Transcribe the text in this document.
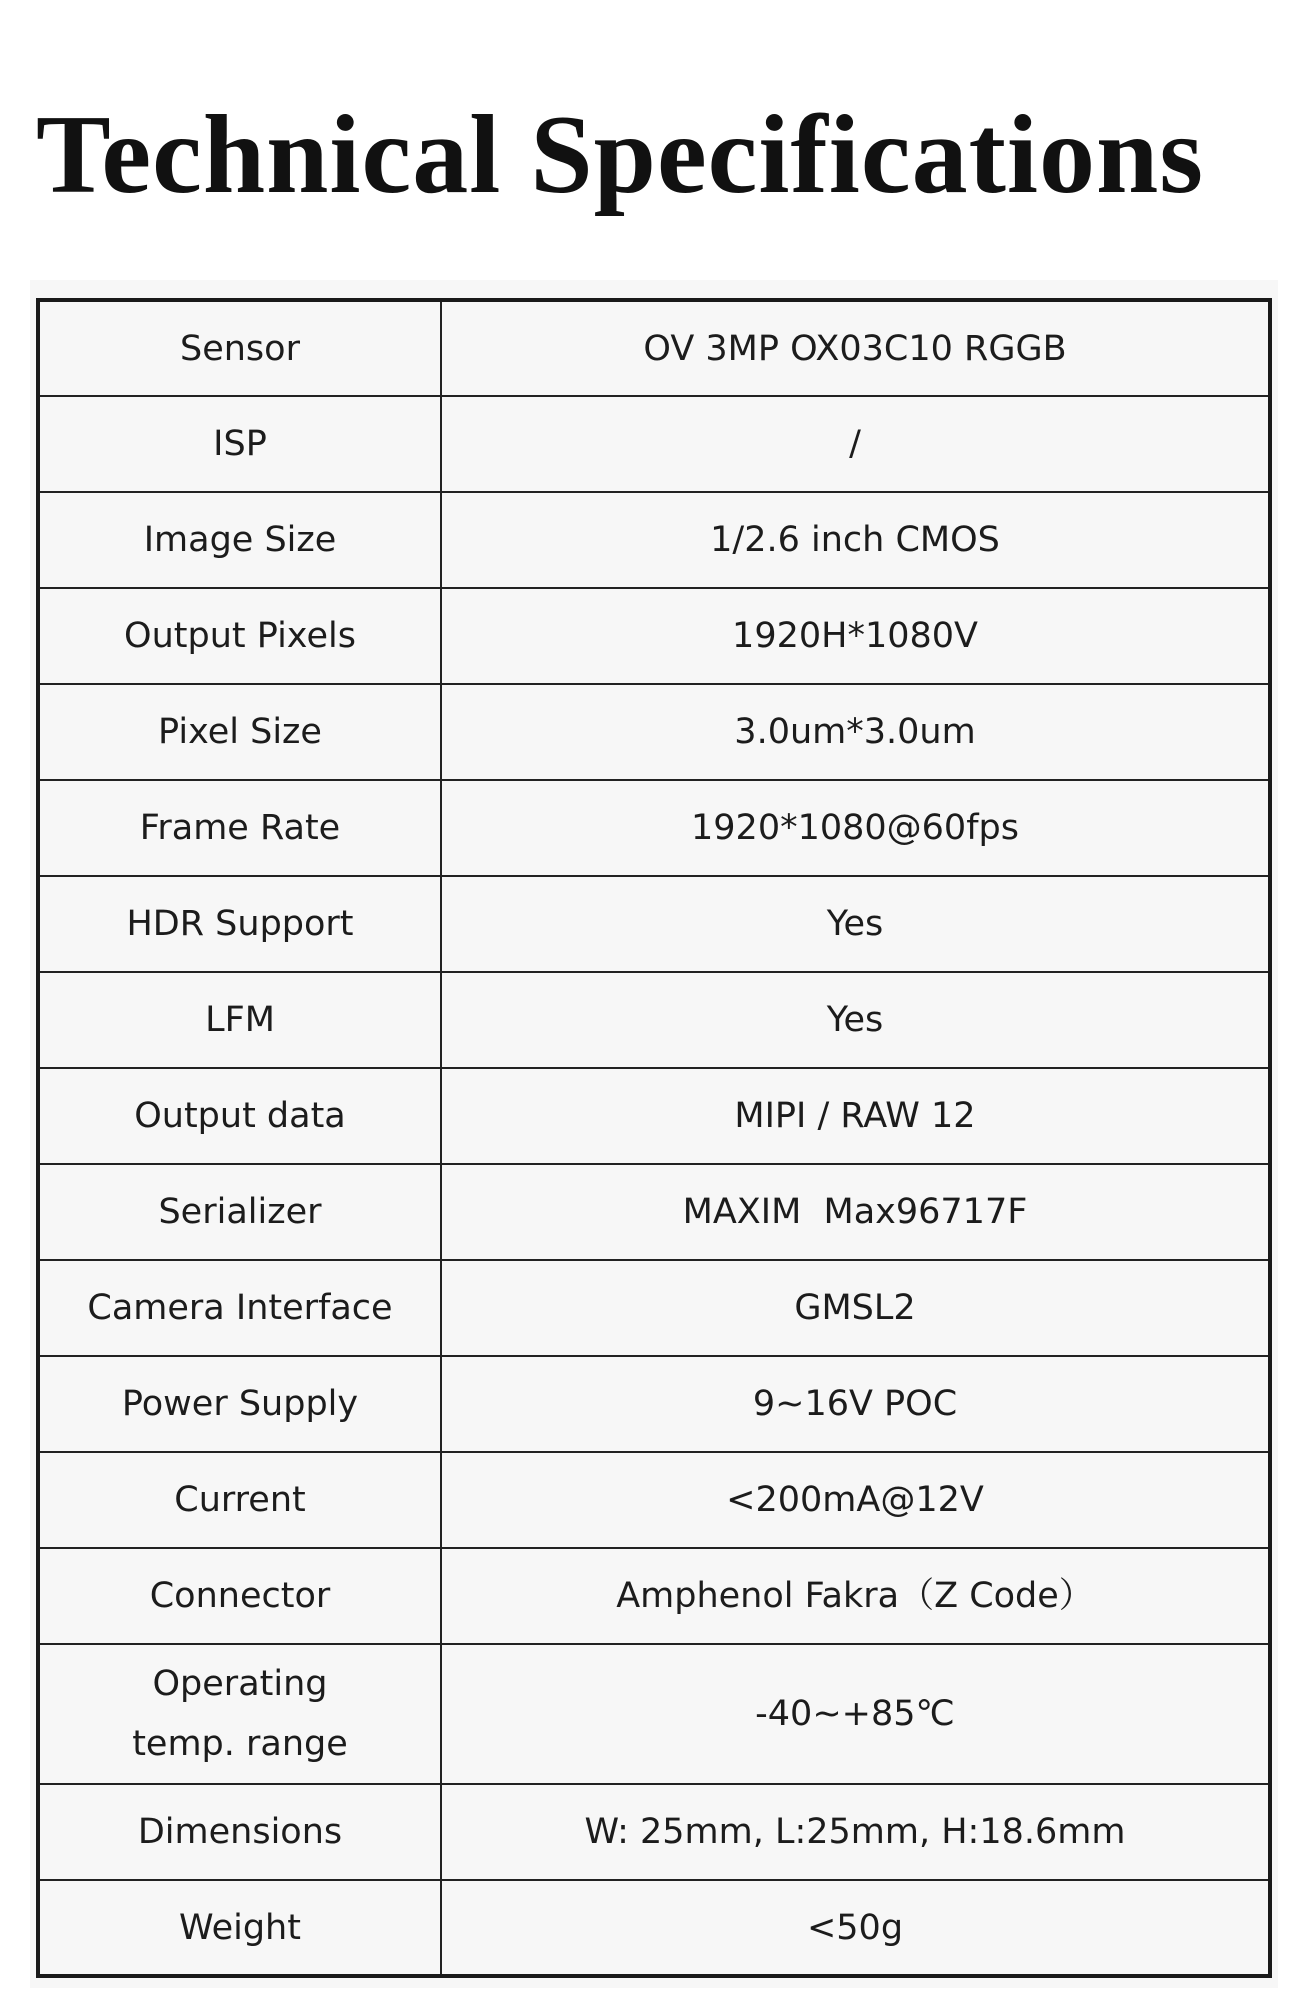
Technical Specifications
Sensor	OV 3MP OX03C10 RGGB
ISP	/
Image Size	1/2.6 inch CMOS
Output Pixels	1920H*1080V
Pixel Size	3.0um*3.0um
Frame Rate	1920*1080@60fps
HDR Support	Yes
LFM	Yes
Output data	MIPI / RAW 12
Serializer	MAXIM  Max96717F
Camera Interface	GMSL2
Power Supply	9~16V POC
Current	<200mA@12V
Connector	Amphenol Fakra（Z Code）
Operating temp. range	-40~+85℃
Dimensions	W: 25mm, L:25mm, H:18.6mm
Weight	<50g
